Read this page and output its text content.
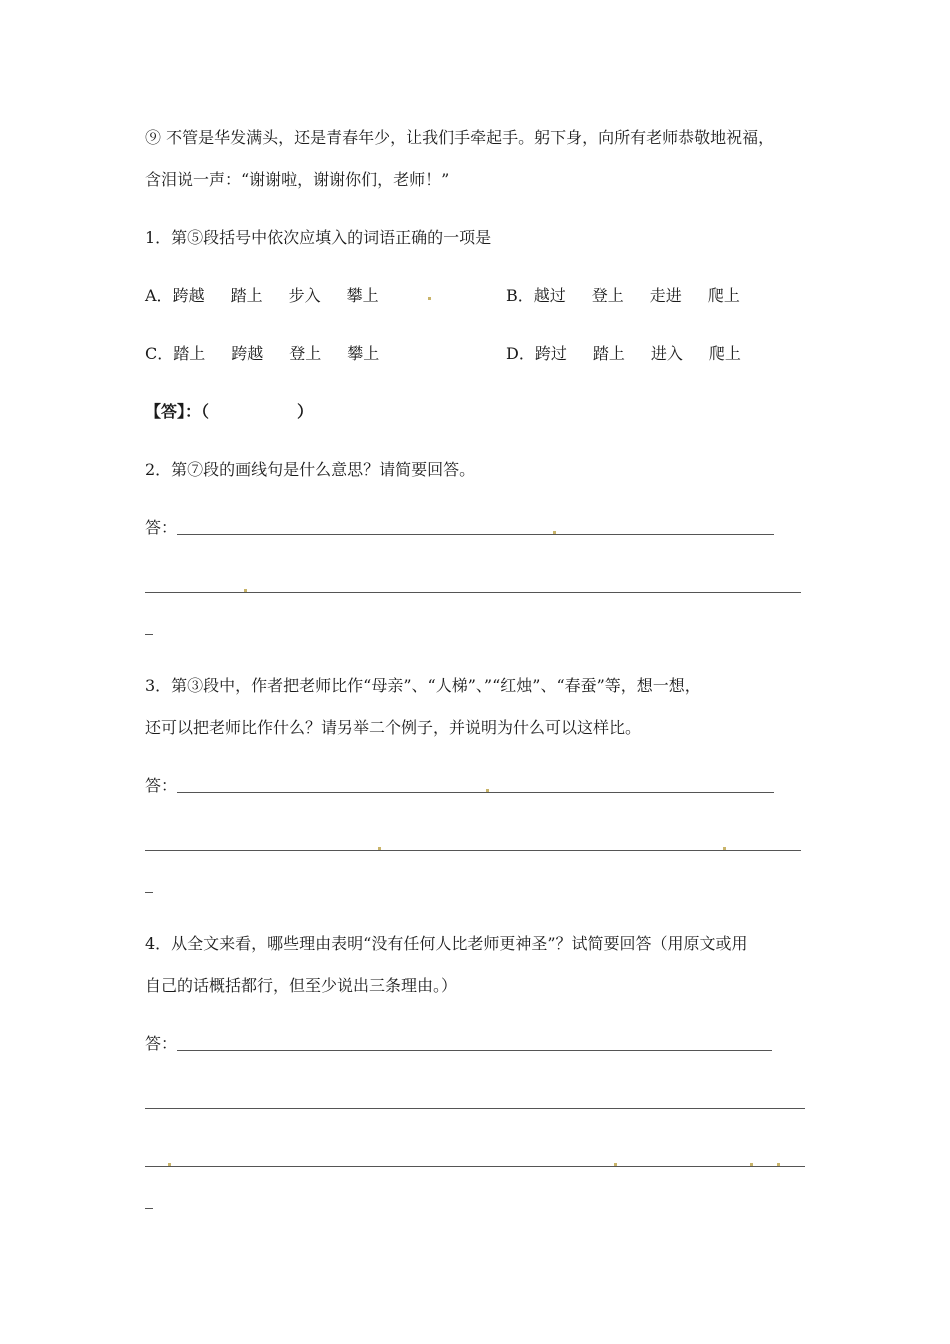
⑨ 不管是华发满头，还是青春年少，让我们手牵起手。躬下身，向所有老师恭敬地祝福，
含泪说一声：“谢谢啦，谢谢你们，老师！”
1．第⑤段括号中依次应填入的词语正确的一项是
A．跨越 踏上 步入 攀上	B．越过 登上 走进 爬上
C．踏上 跨越 登上 攀上	D．跨过 踏上 进入 爬上
【答】：（	）
2．第⑦段的画线句是什么意思？请简要回答。
答：
3．第③段中，作者把老师比作“母亲”、“人梯”、”“红烛”、“春蚕”等，想一想，
还可以把老师比作什么？请另举二个例子，并说明为什么可以这样比。
答：
4．从全文来看，哪些理由表明“没有任何人比老师更神圣”？试简要回答（用原文或用
自己的话概括都行，但至少说出三条理由。）
答：
